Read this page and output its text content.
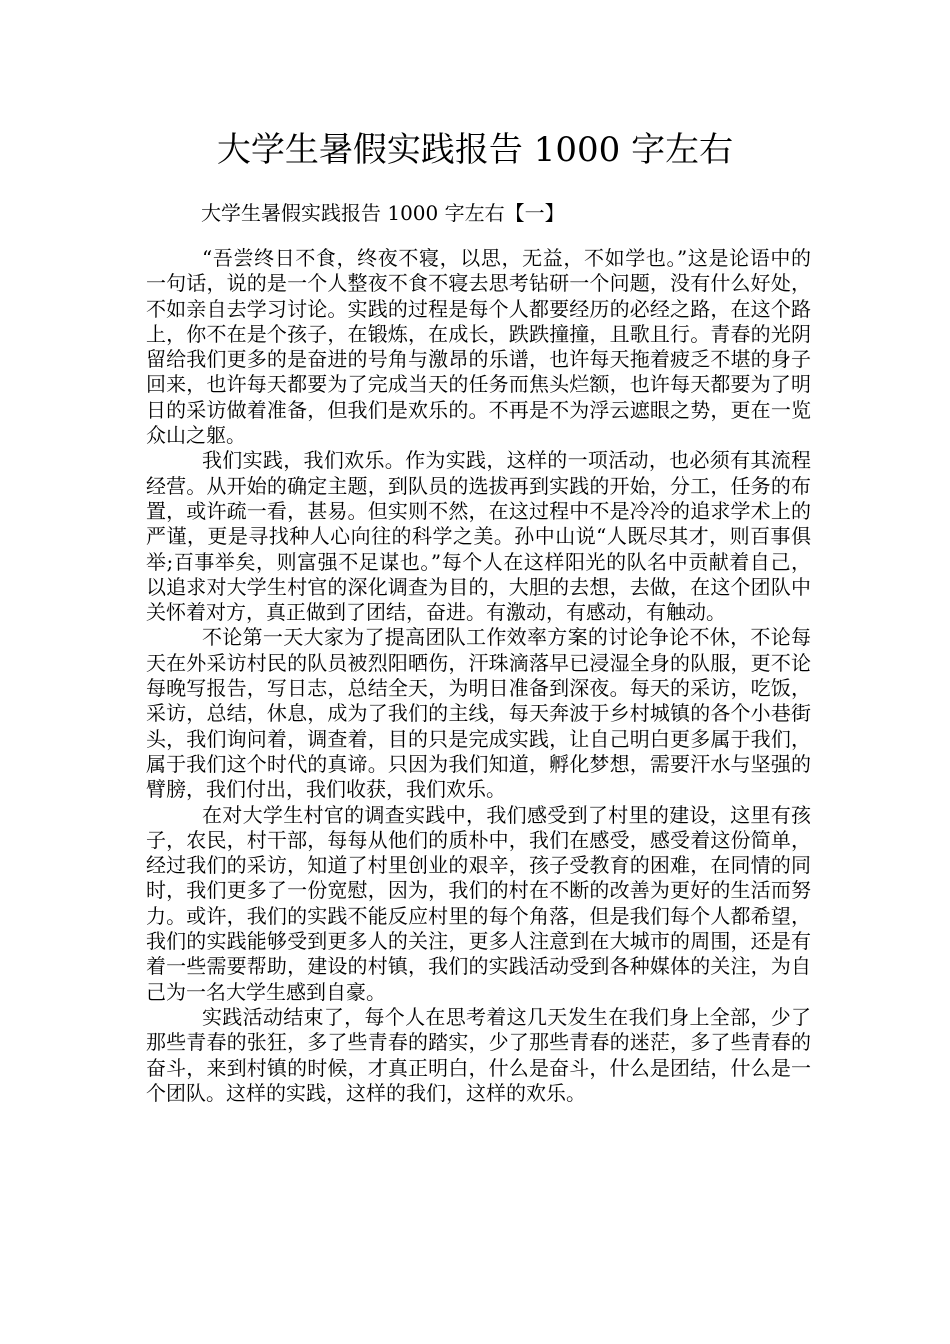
大学生暑假实践报告 1000 字左右
大学生暑假实践报告 1000 字左右【一】

“吾尝终日不食，终夜不寝，以思，无益，不如学也。”这是论语中的一句话，说的是一个人整夜不食不寝去思考钻研一个问题，没有什么好处，不如亲自去学习讨论。实践的过程是每个人都要经历的必经之路，在这个路上，你不在是个孩子，在锻炼，在成长，跌跌撞撞，且歌且行。青春的光阴留给我们更多的是奋进的号角与激昂的乐谱，也许每天拖着疲乏不堪的身子回来，也许每天都要为了完成当天的任务而焦头烂额，也许每天都要为了明日的采访做着准备，但我们是欢乐的。不再是不为浮云遮眼之势，更在一览众山之躯。

我们实践，我们欢乐。作为实践，这样的一项活动，也必须有其流程经营。从开始的确定主题，到队员的选拔再到实践的开始，分工，任务的布置，或许疏一看，甚易。但实则不然，在这过程中不是冷冷的追求学术上的严谨，更是寻找种人心向往的科学之美。孙中山说“人既尽其才，则百事俱举;百事举矣，则富强不足谋也。”每个人在这样阳光的队名中贡献着自己，以追求对大学生村官的深化调查为目的，大胆的去想，去做，在这个团队中关怀着对方，真正做到了团结，奋进。有激动，有感动，有触动。

不论第一天大家为了提高团队工作效率方案的讨论争论不休，不论每天在外采访村民的队员被烈阳晒伤，汗珠滴落早已浸湿全身的队服，更不论每晚写报告，写日志，总结全天，为明日准备到深夜。每天的采访，吃饭，采访，总结，休息，成为了我们的主线，每天奔波于乡村城镇的各个小巷街头，我们询问着，调查着，目的只是完成实践，让自己明白更多属于我们，属于我们这个时代的真谛。只因为我们知道，孵化梦想，需要汗水与坚强的臂膀，我们付出，我们收获，我们欢乐。

在对大学生村官的调查实践中，我们感受到了村里的建设，这里有孩子，农民，村干部，每每从他们的质朴中，我们在感受，感受着这份简单，经过我们的采访，知道了村里创业的艰辛，孩子受教育的困难，在同情的同时，我们更多了一份宽慰，因为，我们的村在不断的改善为更好的生活而努力。或许，我们的实践不能反应村里的每个角落，但是我们每个人都希望，我们的实践能够受到更多人的关注，更多人注意到在大城市的周围，还是有着一些需要帮助，建设的村镇，我们的实践活动受到各种媒体的关注，为自己为一名大学生感到自豪。

实践活动结束了，每个人在思考着这几天发生在我们身上全部，少了那些青春的张狂，多了些青春的踏实，少了那些青春的迷茫，多了些青春的奋斗，来到村镇的时候，才真正明白，什么是奋斗，什么是团结，什么是一个团队。这样的实践，这样的我们，这样的欢乐。
